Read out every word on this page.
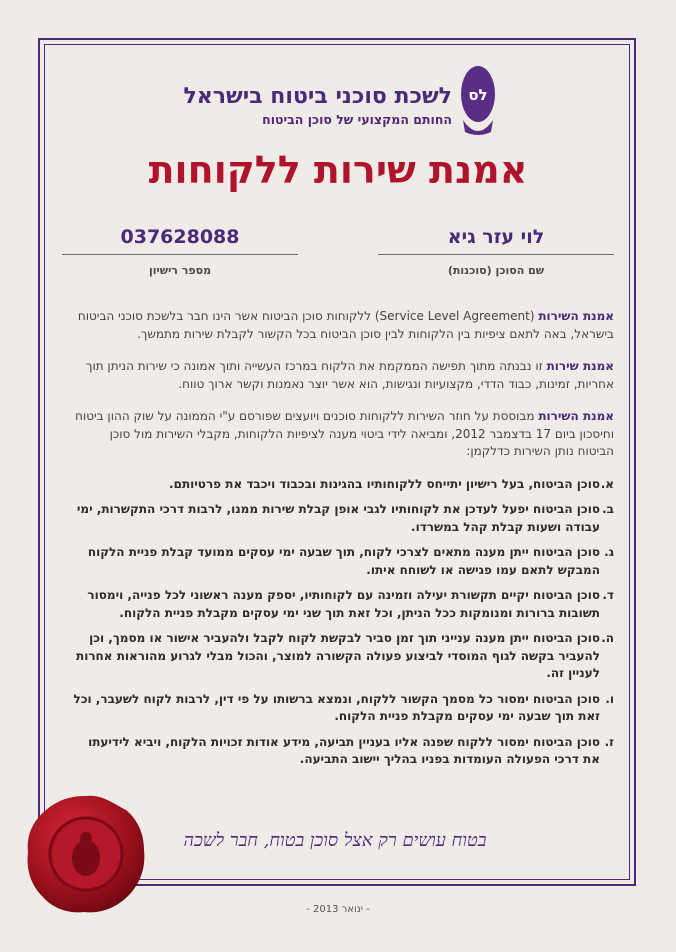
לס
לשכת סוכני ביטוח בישראל
החותם המקצועי של סוכן הביטוח
אמנת שירות ללקוחות
לוי עזר גיא
שם הסוכן (סוכנות)
037628088
מספר רישיון

אמנת השירות (Service Level Agreement) ללקוחות סוכן הביטוח אשר הינו חבר בלשכת סוכני הביטוח בישראל, באה לתאם ציפיות בין הלקוחות לבין סוכן הביטוח בכל הקשור לקבלת שירות מתמשך.

אמנת שירות זו נבנתה מתוך תפישה הממקמת את הלקוח במרכז העשייה ותוך אמונה כי שירות הניתן תוך אחריות, זמינות, כבוד הדדי, מקצועיות ונגישות, הוא אשר יוצר נאמנות וקשר ארוך טווח.

אמנת השירות מבוססת על חוזר השירות ללקוחות סוכנים ויועצים שפורסם ע"י הממונה על שוק ההון ביטוח וחיסכון ביום 17 בדצמבר 2012, ומביאה לידי ביטוי מענה לציפיות הלקוחות, מקבלי השירות מול סוכן הביטוח נותן השירות כדלקמן:

א.
סוכן הביטוח, בעל רישיון יתייחס ללקוחותיו בהגינות ובכבוד ויכבד את פרטיותם.
ב.
סוכן הביטוח יפעל לעדכן את לקוחותיו לגבי אופן קבלת שירות ממנו, לרבות דרכי התקשרות, ימי עבודה ושעות קבלת קהל במשרדו.
ג.
סוכן הביטוח ייתן מענה מתאים לצרכי לקוח, תוך שבעה ימי עסקים ממועד קבלת פניית הלקוח המבקש לתאם עמו פגישה או לשוחח איתו.
ד.
סוכן הביטוח יקיים תקשורת יעילה וזמינה עם לקוחותיו, יספק מענה ראשוני לכל פנייה, וימסור תשובות ברורות ומנומקות ככל הניתן, וכל זאת תוך שני ימי עסקים מקבלת פניית הלקוח.
ה.
סוכן הביטוח ייתן מענה ענייני תוך זמן סביר לבקשת לקוח לקבל ולהעביר אישור או מסמך, וכן להעביר בקשה לגוף המוסדי לביצוע פעולה הקשורה למוצר, והכול מבלי לגרוע מהוראות אחרות לעניין זה.
ו.
סוכן הביטוח ימסור כל מסמך הקשור ללקוח, ונמצא ברשותו על פי דין, לרבות לקוח לשעבר, וכל זאת תוך שבעה ימי עסקים מקבלת פניית הלקוח.
ז.
סוכן הביטוח ימסור ללקוח שפנה אליו בעניין תביעה, מידע אודות זכויות הלקוח, ויביא לידיעתו את דרכי הפעולה העומדות בפניו בהליך יישוב התביעה.
בטוח עושים רק אצל סוכן בטוח, חבר לשכה
- ינואר 2013 -
